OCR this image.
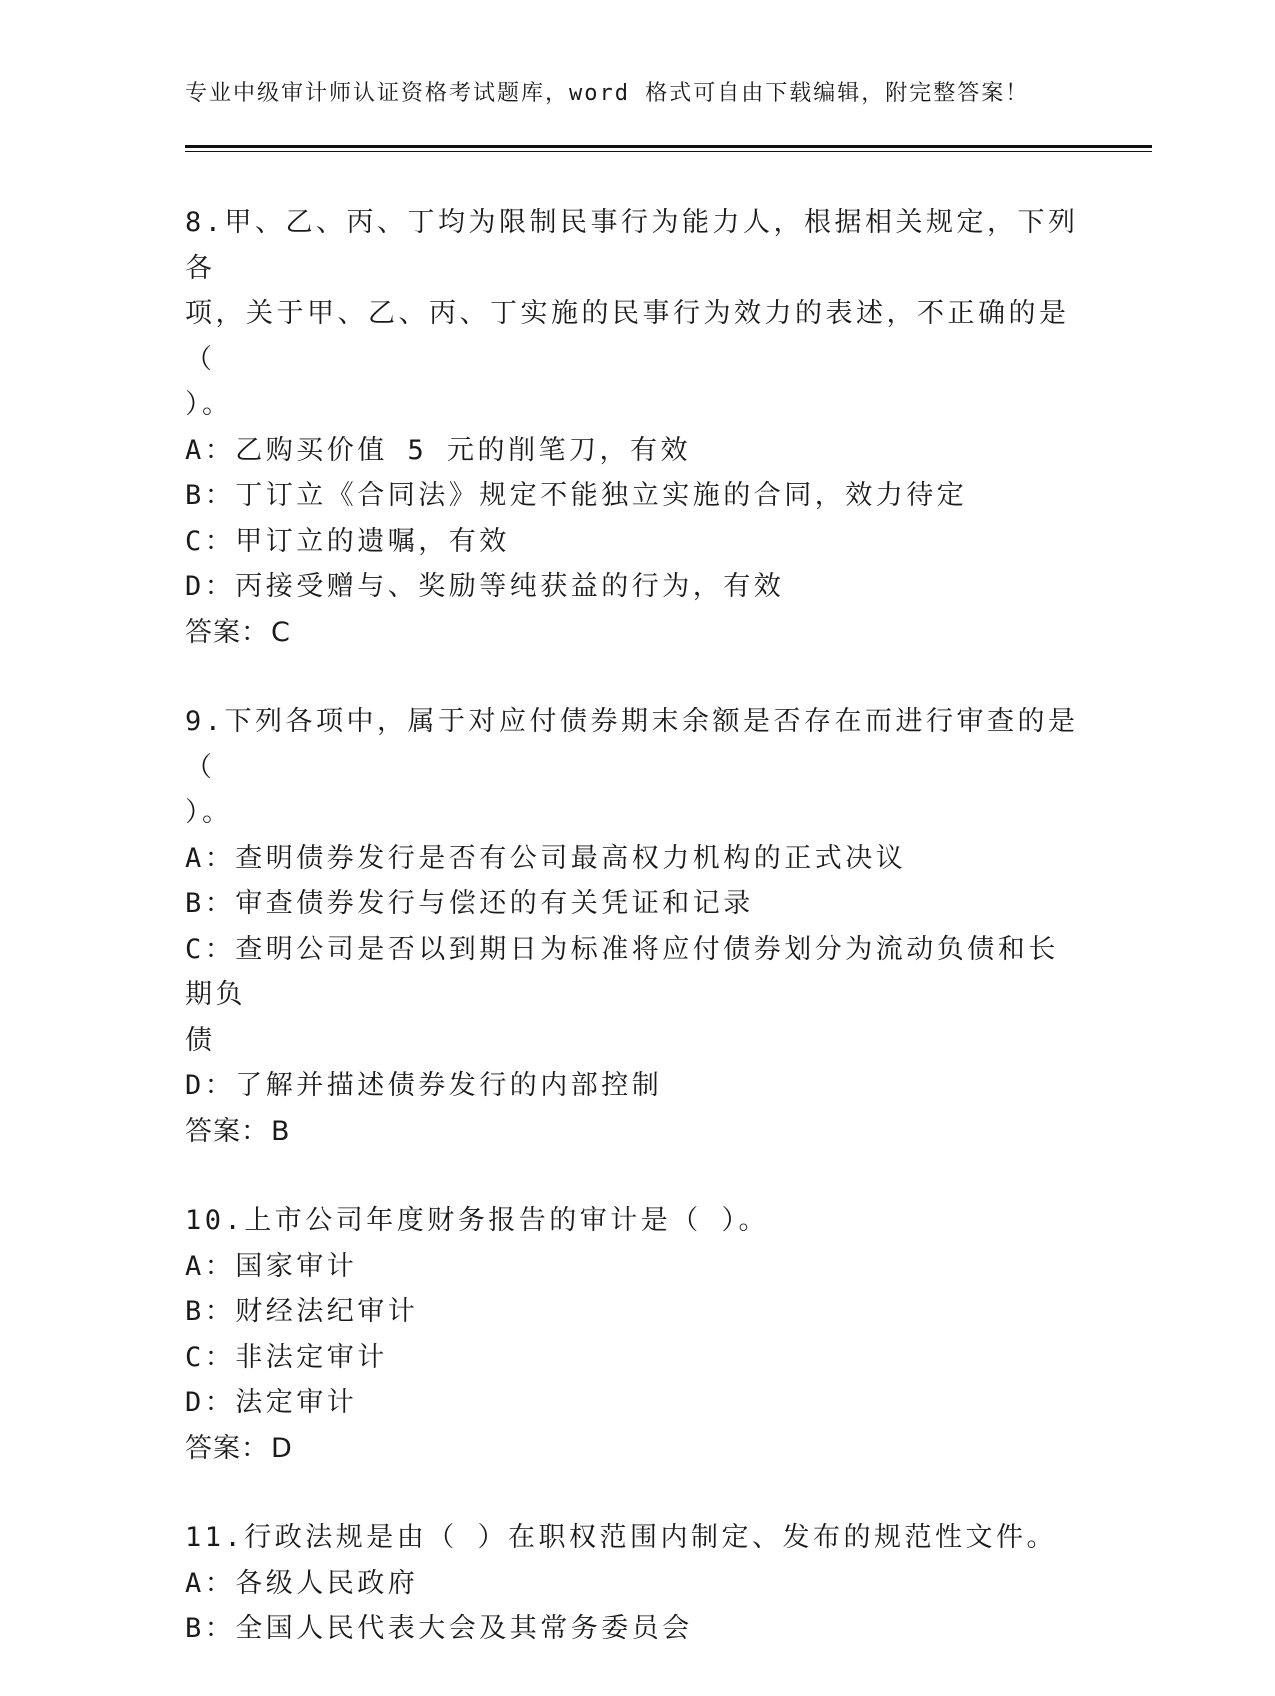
专业中级审计师认证资格考试题库，word 格式可自由下载编辑，附完整答案！
8.甲、乙、丙、丁均为限制民事行为能力人，根据相关规定，下列各
项，关于甲、乙、丙、丁实施的民事行为效力的表述，不正确的是（
）。
A：乙购买价值 5 元的削笔刀，有效
B：丁订立《合同法》规定不能独立实施的合同，效力待定
C：甲订立的遗嘱，有效
D：丙接受赠与、奖励等纯获益的行为，有效
答案：C
9.下列各项中，属于对应付债券期末余额是否存在而进行审查的是（
）。
A：查明债券发行是否有公司最高权力机构的正式决议
B：审查债券发行与偿还的有关凭证和记录
C：查明公司是否以到期日为标准将应付债券划分为流动负债和长期负
债
D：了解并描述债券发行的内部控制
答案：B
10.上市公司年度财务报告的审计是（ ）。
A：国家审计
B：财经法纪审计
C：非法定审计
D：法定审计
答案：D
11.行政法规是由（ ）在职权范围内制定、发布的规范性文件。
A：各级人民政府
B：全国人民代表大会及其常务委员会
